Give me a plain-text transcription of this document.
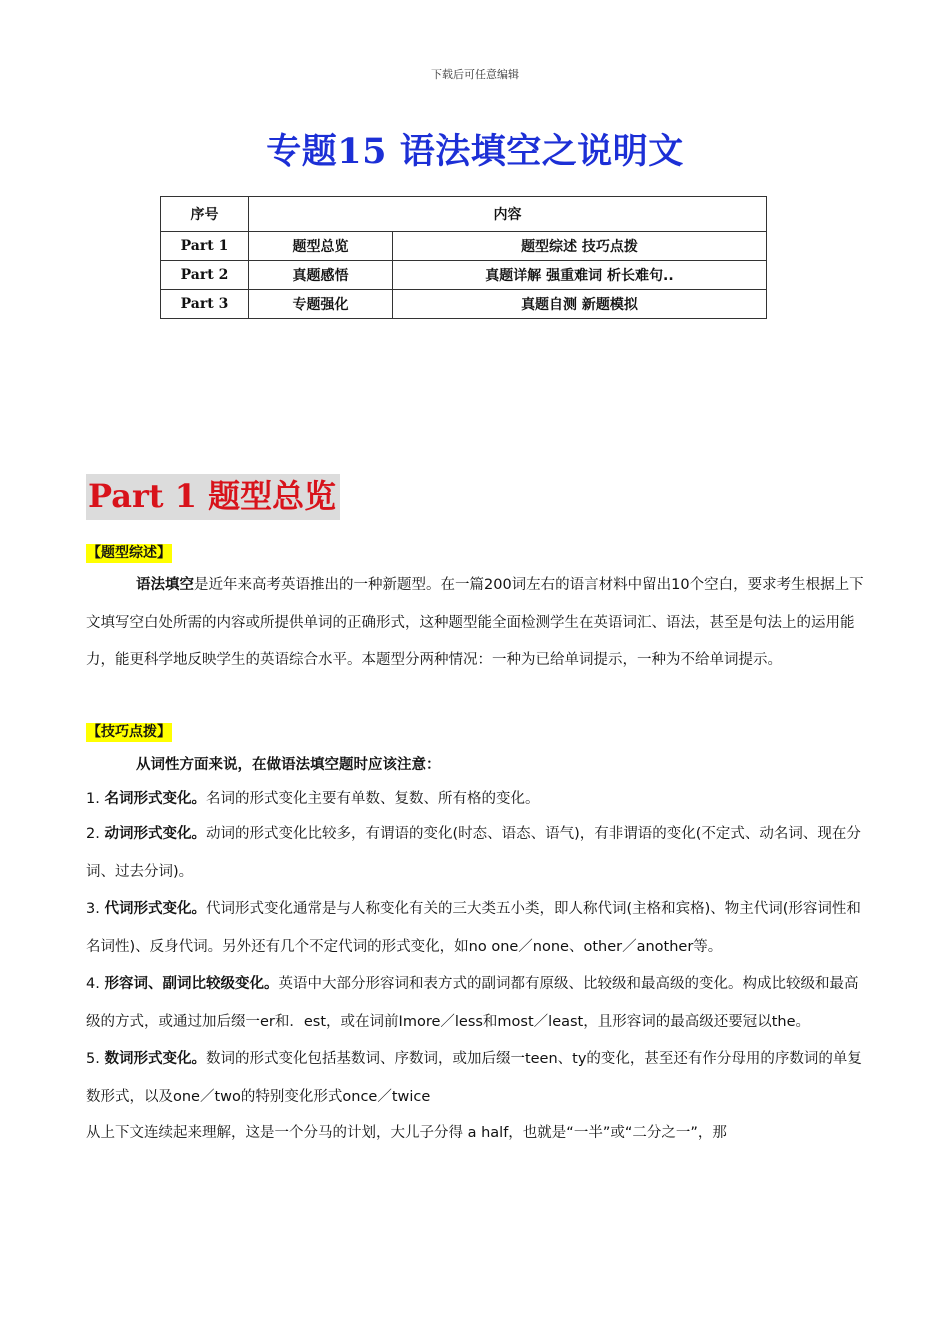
下载后可任意编辑
专题15 语法填空之说明文
序号	内容	
Part 1	题型总览	题型综述 技巧点拨
Part 2	真题感悟	真题详解 强重难词 析长难句..
Part 3	专题强化	真题自测 新题模拟
Part 1 题型总览
【题型综述】

语法填空是近年来高考英语推出的一种新题型。在一篇200词左右的语言材料中留出10个空白，要求考生根据上下文填写空白处所需的内容或所提供单词的正确形式，这种题型能全面检测学生在英语词汇、语法，甚至是句法上的运用能力，能更科学地反映学生的英语综合水平。本题型分两种情况：一种为已给单词提示，一种为不给单词提示。

【技巧点拨】

从词性方面来说，在做语法填空题时应该注意：

1. 名词形式变化。名词的形式变化主要有单数、复数、所有格的变化。

2. 动词形式变化。动词的形式变化比较多，有谓语的变化(时态、语态、语气)，有非谓语的变化(不定式、动名词、现在分词、过去分词)。

3. 代词形式变化。代词形式变化通常是与人称变化有关的三大类五小类，即人称代词(主格和宾格)、物主代词(形容词性和名词性)、反身代词。另外还有几个不定代词的形式变化，如no one／none、other／another等。

4. 形容词、副词比较级变化。英语中大部分形容词和表方式的副词都有原级、比较级和最高级的变化。构成比较级和最高级的方式，或通过加后缀一er和．est，或在词前Imore／less和most／least，且形容词的最高级还要冠以the。

5. 数词形式变化。数词的形式变化包括基数词、序数词，或加后缀一teen、ty的变化，甚至还有作分母用的序数词的单复数形式，以及one／two的特别变化形式once／twice

从上下文连续起来理解，这是一个分马的计划，大儿子分得 a half，也就是“一半”或“二分之一”，那
